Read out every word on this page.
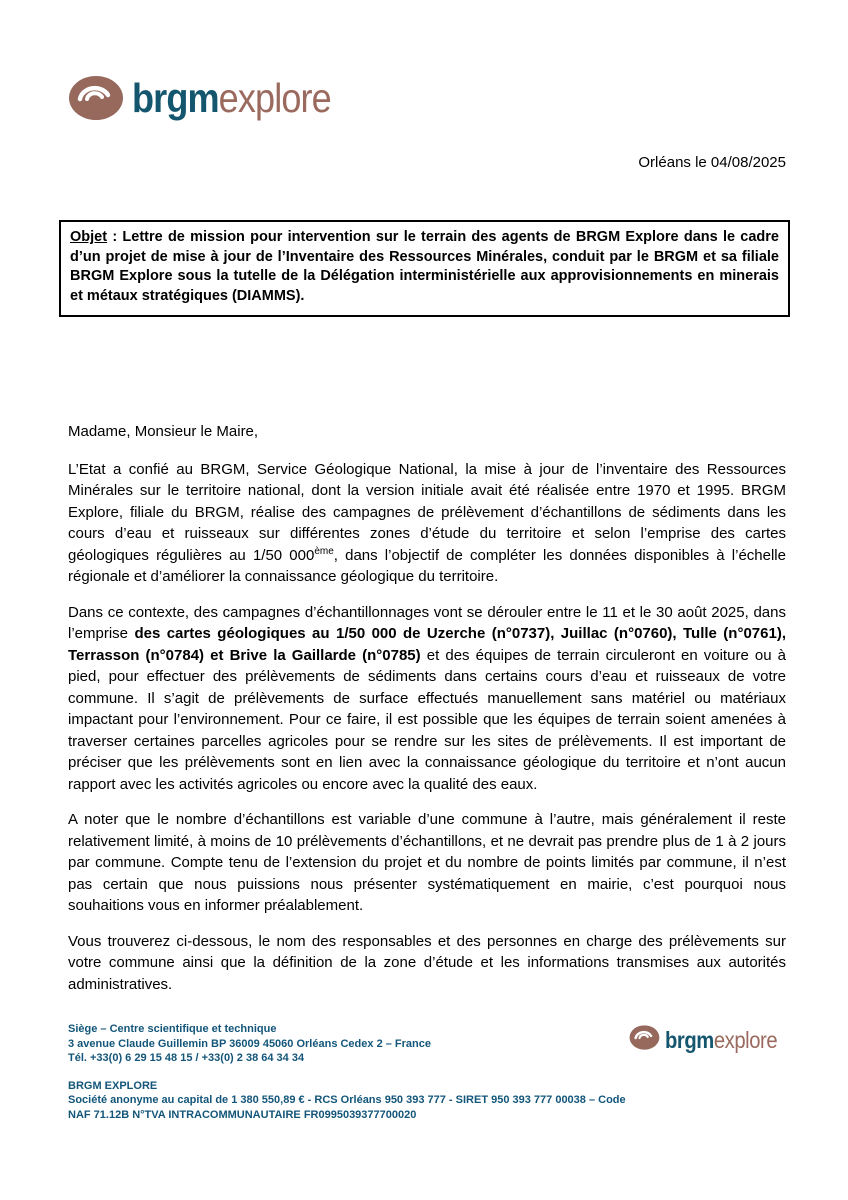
brgmexplore
Orléans le 04/08/2025
Objet : Lettre de mission pour intervention sur le terrain des agents de BRGM Explore dans le cadre d’un projet de mise à jour de l’Inventaire des Ressources Minérales, conduit par le BRGM et sa filiale BRGM Explore sous la tutelle de la Délégation interministérielle aux approvisionnements en minerais et métaux stratégiques (DIAMMS).
Madame, Monsieur le Maire,

L’Etat a confié au BRGM, Service Géologique National, la mise à jour de l’inventaire des Ressources Minérales sur le territoire national, dont la version initiale avait été réalisée entre 1970 et 1995. BRGM Explore, filiale du BRGM, réalise des campagnes de prélèvement d’échantillons de sédiments dans les cours d’eau et ruisseaux sur différentes zones d’étude du territoire et selon l’emprise des cartes géologiques régulières au 1/50 000ème, dans l’objectif de compléter les données disponibles à l’échelle régionale et d’améliorer la connaissance géologique du territoire.

Dans ce contexte, des campagnes d’échantillonnages vont se dérouler entre le 11 et le 30 août 2025, dans l’emprise des cartes géologiques au 1/50 000 de Uzerche (n°0737), Juillac (n°0760), Tulle (n°0761), Terrasson (n°0784) et Brive la Gaillarde (n°0785) et des équipes de terrain circuleront en voiture ou à pied, pour effectuer des prélèvements de sédiments dans certains cours d’eau et ruisseaux de votre commune. Il s’agit de prélèvements de surface effectués manuellement sans matériel ou matériaux impactant pour l’environnement. Pour ce faire, il est possible que les équipes de terrain soient amenées à traverser certaines parcelles agricoles pour se rendre sur les sites de prélèvements. Il est important de préciser que les prélèvements sont en lien avec la connaissance géologique du territoire et n’ont aucun rapport avec les activités agricoles ou encore avec la qualité des eaux.

A noter que le nombre d’échantillons est variable d’une commune à l’autre, mais généralement il reste relativement limité, à moins de 10 prélèvements d’échantillons, et ne devrait pas prendre plus de 1 à 2 jours par commune. Compte tenu de l’extension du projet et du nombre de points limités par commune, il n’est pas certain que nous puissions nous présenter systématiquement en mairie, c’est pourquoi nous souhaitions vous en informer préalablement.

Vous trouverez ci-dessous, le nom des responsables et des personnes en charge des prélèvements sur votre commune ainsi que la définition de la zone d’étude et les informations transmises aux autorités administratives.

Siège – Centre scientifique et technique
3 avenue Claude Guillemin BP 36009 45060 Orléans Cedex 2 – France
Tél. +33(0) 6 29 15 48 15 / +33(0) 2 38 64 34 34
BRGM EXPLORE
Société anonyme au capital de 1 380 550,89 € - RCS Orléans 950 393 777 - SIRET 950 393 777 00038 – Code NAF 71.12B N°TVA INTRACOMMUNAUTAIRE FR0995039377700020
brgmexplore
